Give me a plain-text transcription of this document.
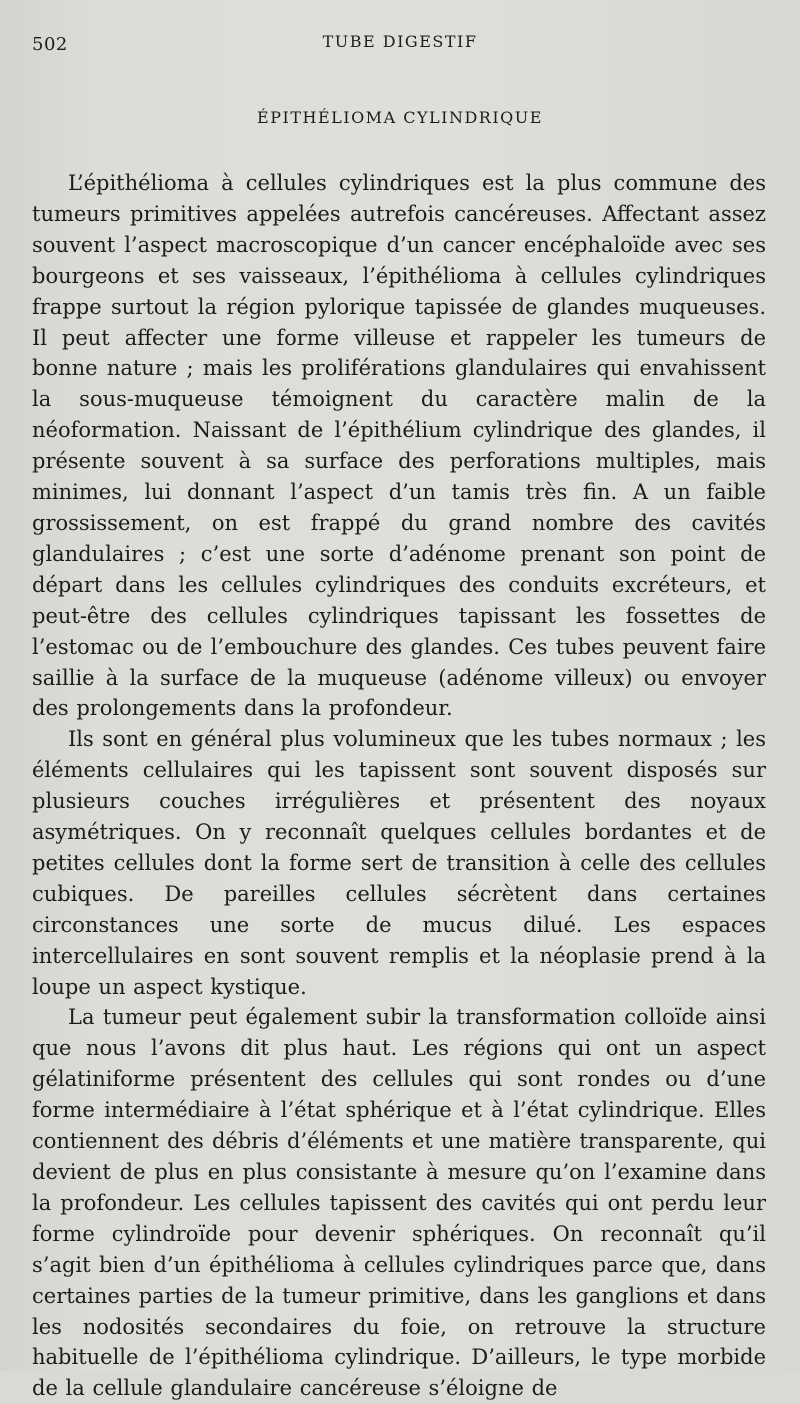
502	TUBE DIGESTIF
ÉPITHÉLIOMA CYLINDRIQUE

L’épithélioma à cellules cylindriques est la plus commune des tumeurs primitives appelées autrefois cancéreuses. Affectant assez souvent l’aspect macroscopique d’un cancer encéphaloïde avec ses bourgeons et ses vaisseaux, l’épithélioma à cellules cylindriques frappe surtout la région pylorique tapissée de glandes muqueuses. Il peut affecter une forme villeuse et rappeler les tumeurs de bonne nature ; mais les proliférations glandulaires qui envahissent la sous-muqueuse témoignent du caractère malin de la néoformation. Naissant de l’épithélium cylindrique des glandes, il présente souvent à sa surface des perforations multiples, mais minimes, lui donnant l’aspect d’un tamis très fin. A un faible grossissement, on est frappé du grand nombre des cavités glandulaires ; c’est une sorte d’adénome prenant son point de départ dans les cellules cylindriques des conduits excréteurs, et peut-être des cellules cylindriques tapissant les fossettes de l’estomac ou de l’embouchure des glandes. Ces tubes peuvent faire saillie à la surface de la muqueuse (adénome villeux) ou envoyer des prolongements dans la profondeur.

Ils sont en général plus volumineux que les tubes normaux ; les éléments cellulaires qui les tapissent sont souvent disposés sur plusieurs couches irrégulières et présentent des noyaux asymétriques. On y reconnaît quelques cellules bordantes et de petites cellules dont la forme sert de transition à celle des cellules cubiques. De pareilles cellules sécrètent dans certaines circonstances une sorte de mucus dilué. Les espaces intercellulaires en sont souvent remplis et la néoplasie prend à la loupe un aspect kystique.

La tumeur peut également subir la transformation colloïde ainsi que nous l’avons dit plus haut. Les régions qui ont un aspect gélatiniforme présentent des cellules qui sont rondes ou d’une forme intermédiaire à l’état sphérique et à l’état cylindrique. Elles contiennent des débris d’éléments et une matière transparente, qui devient de plus en plus consistante à mesure qu’on l’examine dans la profondeur. Les cellules tapissent des cavités qui ont perdu leur forme cylindroïde pour devenir sphériques. On reconnaît qu’il s’agit bien d’un épithélioma à cellules cylindriques parce que, dans certaines parties de la tumeur primitive, dans les ganglions et dans les nodosités secondaires du foie, on retrouve la structure habituelle de l’épithélioma cylindrique. D’ailleurs, le type morbide de la cellule glandulaire cancéreuse s’éloigne de
